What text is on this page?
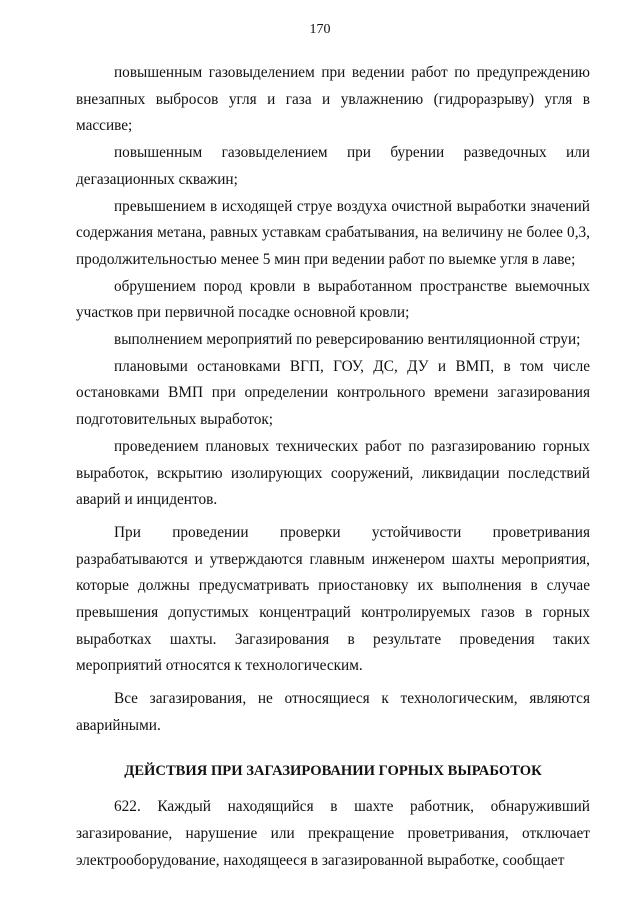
170

повышенным газовыделением при ведении работ по предупреждению внезапных выбросов угля и газа и увлажнению (гидроразрыву) угля в массиве;

повышенным газовыделением при бурении разведочных или дегазационных скважин;

превышением в исходящей струе воздуха очистной выработки значений содержания метана, равных уставкам срабатывания, на величину не более 0,3, продолжительностью менее 5 мин при ведении работ по выемке угля в лаве;

обрушением пород кровли в выработанном пространстве выемочных участков при первичной посадке основной кровли;

выполнением мероприятий по реверсированию вентиляционной струи;

плановыми остановками ВГП, ГОУ, ДС, ДУ и ВМП, в том числе остановками ВМП при определении контрольного времени загазирования подготовительных выработок;

проведением плановых технических работ по разгазированию горных выработок, вскрытию изолирующих сооружений, ликвидации последствий аварий и инцидентов.

При проведении проверки устойчивости проветривания разрабатываются и утверждаются главным инженером шахты мероприятия, которые должны предусматривать приостановку их выполнения в случае превышения допустимых концентраций контролируемых газов в горных выработках шахты. Загазирования в результате проведения таких мероприятий относятся к технологическим.

Все загазирования, не относящиеся к технологическим, являются аварийными.

ДЕЙСТВИЯ ПРИ ЗАГАЗИРОВАНИИ ГОРНЫХ ВЫРАБОТОК

622. Каждый находящийся в шахте работник, обнаруживший загазирование, нарушение или прекращение проветривания, отключает электрооборудование, находящееся в загазированной выработке, сообщает
